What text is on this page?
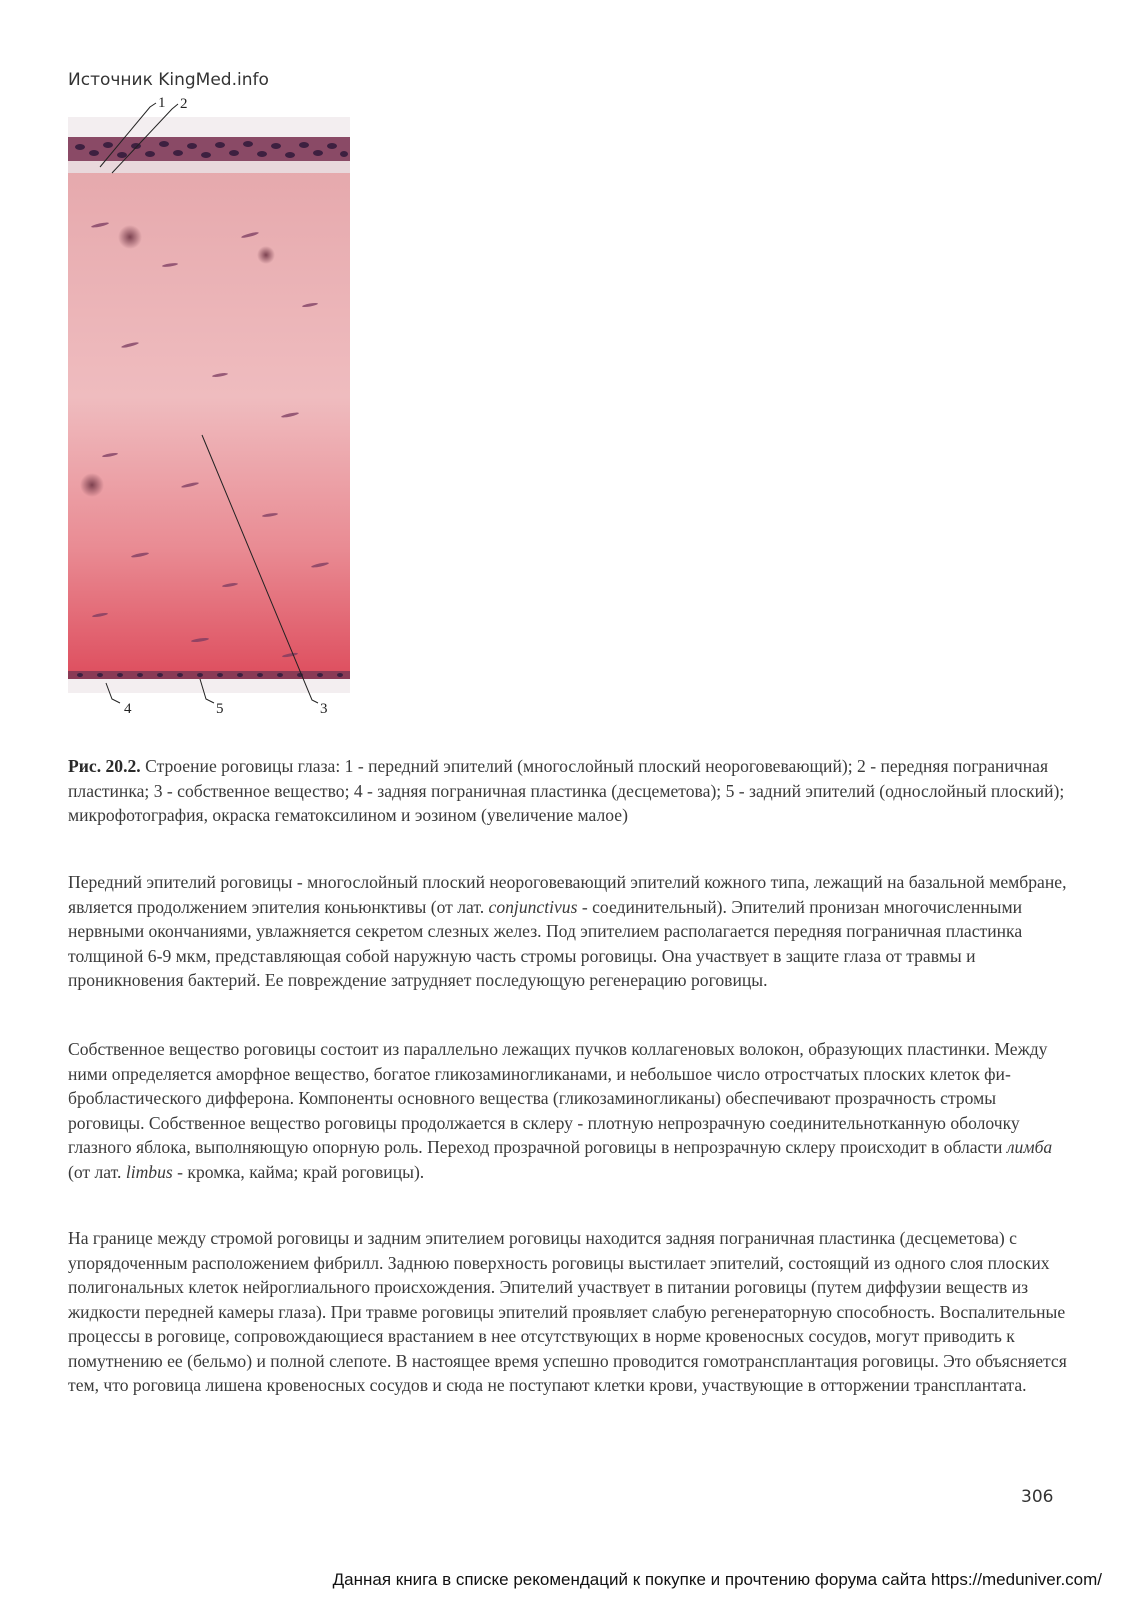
Источник KingMed.info
1 2
3
4	5
Рис. 20.2. Строение роговицы глаза: 1 - передний эпителий (многослойный плоский неороговевающий); 2 - передняя пограничная пластинка; 3 - собственное вещество; 4 - задняя пограничная пластинка (десцеметова); 5 - задний эпителий (однослойный плоский); микрофотография, окраска гематоксилином и эозином (увеличение малое)

Передний эпителий роговицы - многослойный плоский неороговевающий эпителий кожного типа, лежащий на базальной мембране, является продолжением эпителия коньюнктивы (от лат. conjunctivus - соединительный). Эпителий пронизан многочисленными нервными окончаниями, увлажняется секретом слезных желез. Под эпителием располагается передняя пограничная пластинка толщиной 6-9 мкм, представляющая собой наружную часть стромы роговицы. Она участвует в защите глаза от травмы и проникновения бактерий. Ее повреждение затрудняет последующую регенерацию роговицы.

Собственное вещество роговицы состоит из параллельно лежащих пучков коллагеновых волокон, образующих пластинки. Между ними определяется аморфное вещество, богатое гликозаминогликанами, и небольшое число отростчатых плоских клеток фи-бробластического дифферона. Компоненты основного вещества (гликозаминогликаны) обеспечивают прозрачность стромы роговицы. Собственное вещество роговицы продолжается в склеру - плотную непрозрачную соединительнотканную оболочку глазного яблока, выполняющую опорную роль. Переход прозрачной роговицы в непрозрачную склеру происходит в области лимба (от лат. limbus - кромка, кайма; край роговицы).

На границе между стромой роговицы и задним эпителием роговицы находится задняя пограничная пластинка (десцеметова) с упорядоченным расположением фибрилл. Заднюю поверхность роговицы выстилает эпителий, состоящий из одного слоя плоских полигональных клеток нейроглиального происхождения. Эпителий участвует в питании роговицы (путем диффузии веществ из жидкости передней камеры глаза). При травме роговицы эпителий проявляет слабую регенераторную способность. Воспалительные процессы в роговице, сопровождающиеся врастанием в нее отсутствующих в норме кровеносных сосудов, могут приводить к помутнению ее (бельмо) и полной слепоте. В настоящее время успешно проводится гомотрансплантация роговицы. Это объясняется тем, что роговица лишена кровеносных сосудов и сюда не поступают клетки крови, участвующие в отторжении трансплантата.

306
Данная книга в списке рекомендаций к покупке и прочтению форума сайта https://meduniver.com/
